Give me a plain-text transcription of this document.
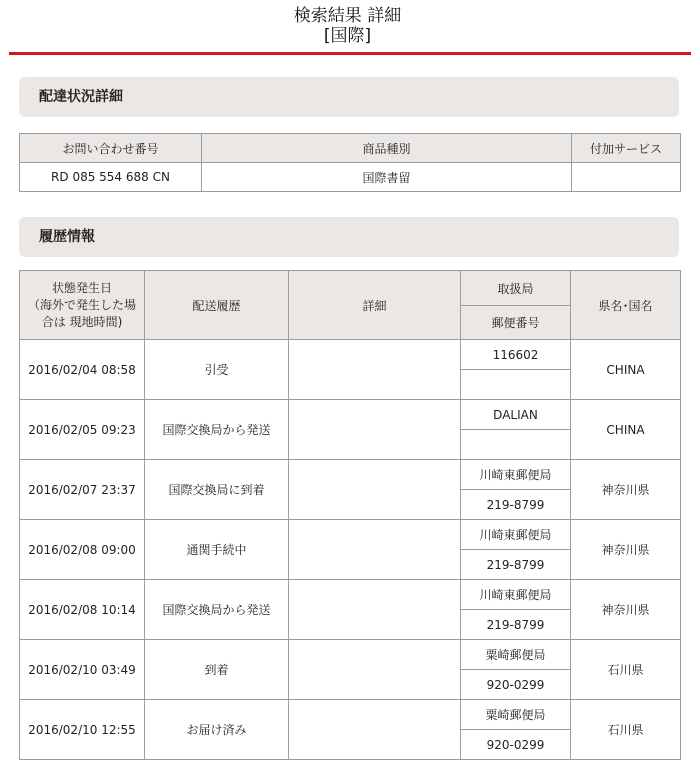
検索結果 詳細
[国際]
配達状況詳細
お問い合わせ番号	商品種別	付加サービス
RD 085 554 688 CN	国際書留	
履歴情報
状態発生日
（海外で発生した場
合は 現地時間)	配送履歴	詳細	取扱局	県名･国名
			郵便番号	
2016/02/04 08:58	引受		116602	CHINA

2016/02/05 09:23	国際交換局から発送		DALIAN	CHINA

2016/02/07 23:37	国際交換局に到着		川崎東郵便局	神奈川県
			219-8799	
2016/02/08 09:00	通関手続中		川崎東郵便局	神奈川県
			219-8799	
2016/02/08 10:14	国際交換局から発送		川崎東郵便局	神奈川県
			219-8799	
2016/02/10 03:49	到着		粟崎郵便局	石川県
			920-0299	
2016/02/10 12:55	お届け済み		粟崎郵便局	石川県
			920-0299	
